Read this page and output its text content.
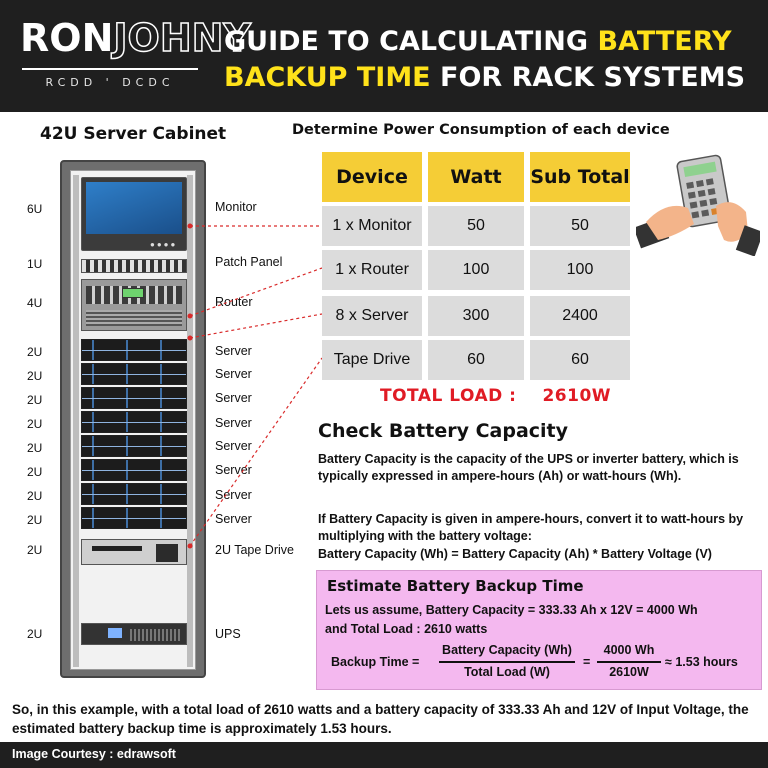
RONJOHNY
RCDD ' DCDC
GUIDE TO CALCULATING BATTERY
BACKUP TIME FOR RACK SYSTEMS
42U Server Cabinet
●●●●
6U
1U
4U
2U
2U
2U
2U
2U
2U
2U
2U
2U
2U
Monitor
Patch Panel
Router
Server
Server
Server
Server
Server
Server
Server
Server
2U Tape Drive
UPS
Determine Power Consumption of each device
Device	Watt	Sub Total
1 x Monitor	50	50
1 x Router	100	100
8 x Server	300	2400
Tape Drive	60	60
TOTAL LOAD : 2610W
Check Battery Capacity
Battery Capacity is the capacity of the UPS or inverter battery, which is typically expressed in ampere-hours (Ah) or watt-hours (Wh).
If Battery Capacity is given in ampere-hours, convert it to watt-hours by multiplying with the battery voltage:
Battery Capacity (Wh) = Battery Capacity (Ah) * Battery Voltage (V)
Estimate Battery Backup Time
Lets us assume, Battery Capacity = 333.33 Ah x 12V = 4000 Wh
and Total Load : 2610 watts
Backup Time =
Battery Capacity (Wh)
Total Load (W)
=
4000 Wh
2610W
≈ 1.53 hours
So, in this example, with a total load of 2610 watts and a battery capacity of 333.33 Ah and 12V of Input Voltage, the estimated battery backup time is approximately 1.53 hours.
Image Courtesy : edrawsoft
